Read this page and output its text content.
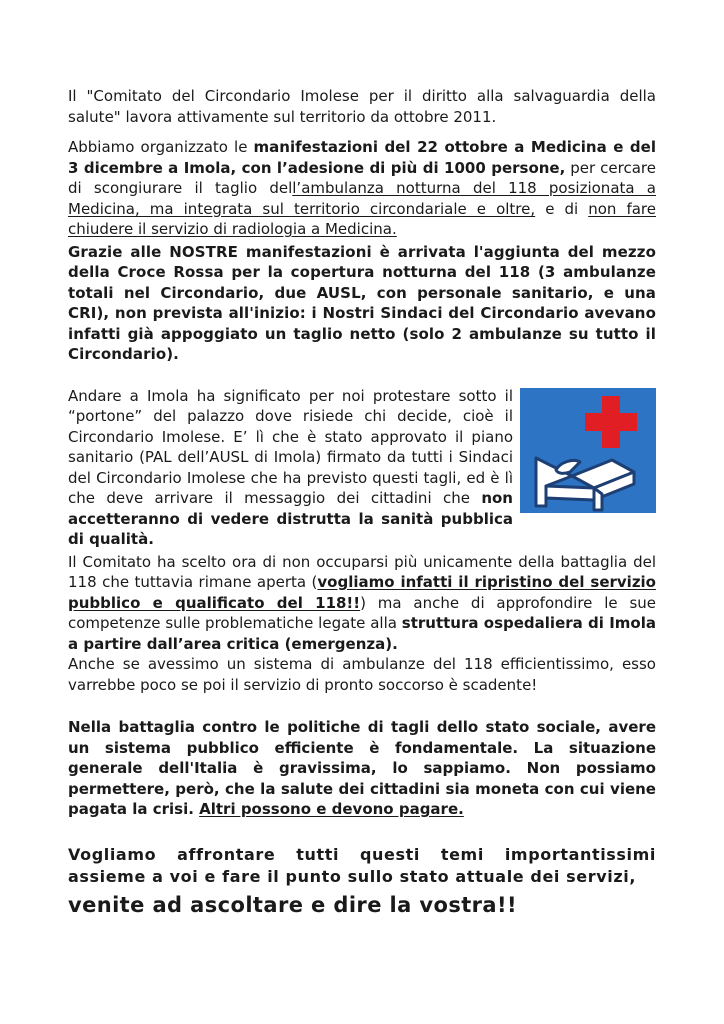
Il "Comitato del Circondario Imolese per il diritto alla salvaguardia della salute" lavora attivamente sul territorio da ottobre 2011.

Abbiamo organizzato le manifestazioni del 22 ottobre a Medicina e del 3 dicembre a Imola, con l’adesione di più di 1000 persone, per cercare di scongiurare il taglio dell’ambulanza notturna del 118 posizionata a Medicina, ma integrata sul territorio circondariale e oltre, e di non fare chiudere il servizio di radiologia a Medicina.

Grazie alle NOSTRE manifestazioni è arrivata l'aggiunta del mezzo della Croce Rossa per la copertura notturna del 118 (3 ambulanze totali nel Circondario, due AUSL, con personale sanitario, e una CRI), non prevista all'inizio: i Nostri Sindaci del Circondario avevano infatti già appoggiato un taglio netto (solo 2 ambulanze su tutto il Circondario).

Andare a Imola ha significato per noi protestare sotto il “portone” del palazzo dove risiede chi decide, cioè il Circondario Imolese. E’ lì che è stato approvato il piano sanitario (PAL dell’AUSL di Imola) firmato da tutti i Sindaci del Circondario Imolese che ha previsto questi tagli, ed è lì che deve arrivare il messaggio dei cittadini che non accetteranno di vedere distrutta la sanità pubblica di qualità.

Il Comitato ha scelto ora di non occuparsi più unicamente della battaglia del 118 che tuttavia rimane aperta (vogliamo infatti il ripristino del servizio pubblico e qualificato del 118!!) ma anche di approfondire le sue competenze sulle problematiche legate alla struttura ospedaliera di Imola a partire dall’area critica (emergenza).

Anche se avessimo un sistema di ambulanze del 118 efficientissimo, esso varrebbe poco se poi il servizio di pronto soccorso è scadente!

Nella battaglia contro le politiche di tagli dello stato sociale, avere un sistema pubblico efficiente è fondamentale. La situazione generale dell'Italia è gravissima, lo sappiamo. Non possiamo permettere, però, che la salute dei cittadini sia moneta con cui viene pagata la crisi. Altri possono e devono pagare.

Vogliamo affrontare tutti questi temi importantissimi assieme a voi e fare il punto sullo stato attuale dei servizi,
venite ad ascoltare e dire la vostra!!
